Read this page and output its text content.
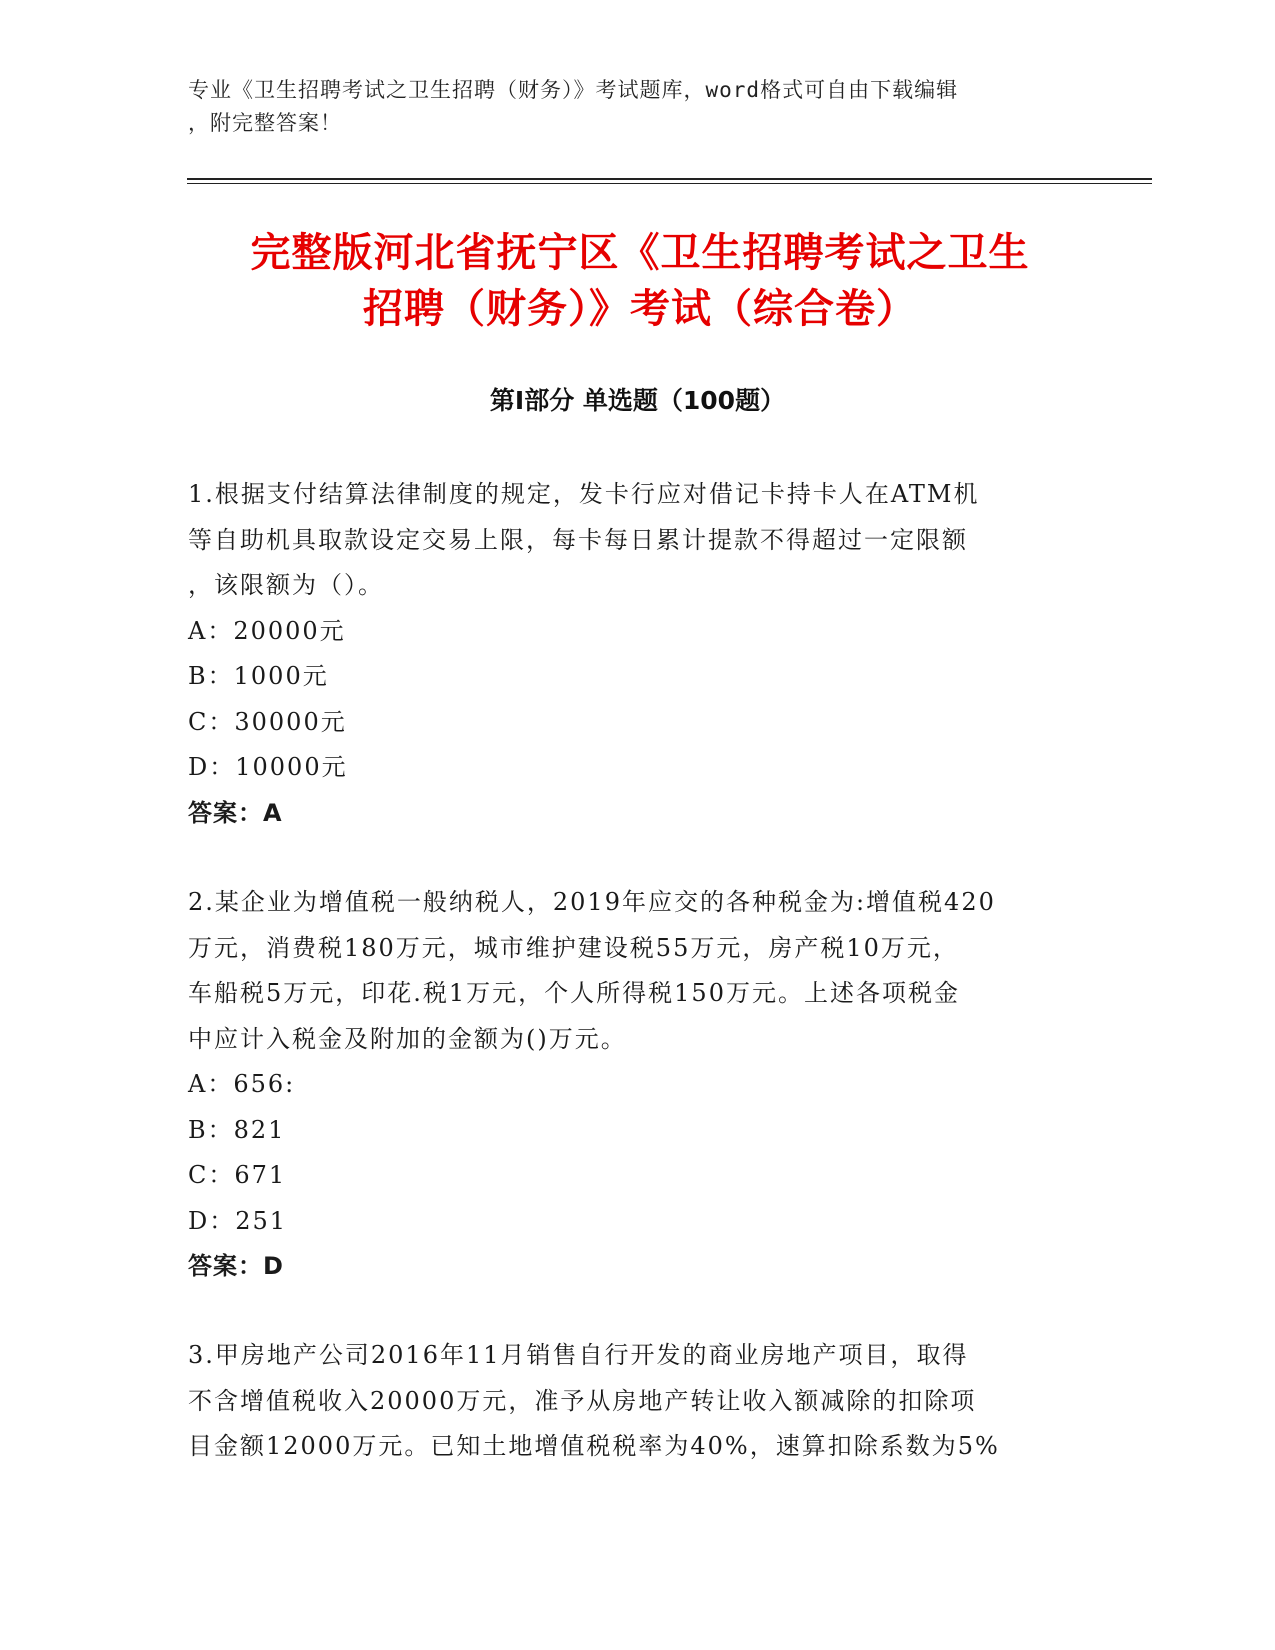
专业《卫生招聘考试之卫生招聘（财务）》考试题库，word格式可自由下载编辑
，附完整答案！
完整版河北省抚宁区《卫生招聘考试之卫生
招聘（财务）》考试（综合卷）
第Ⅰ部分 单选题（100题）
1.根据支付结算法律制度的规定，发卡行应对借记卡持卡人在ATM机
等自助机具取款设定交易上限，每卡每日累计提款不得超过一定限额
，该限额为（）。
A：20000元
B：1000元
C：30000元
D：10000元
答案：A
2.某企业为增值税一般纳税人，2019年应交的各种税金为:增值税420
万元，消费税180万元，城市维护建设税55万元，房产税10万元，
车船税5万元，印花.税1万元，个人所得税150万元。上述各项税金
中应计入税金及附加的金额为()万元。
A：656:
B：821
C：671
D：251
答案：D
3.甲房地产公司2016年11月销售自行开发的商业房地产项目，取得
不含增值税收入20000万元，准予从房地产转让收入额减除的扣除项
目金额12000万元。已知土地增值税税率为40%，速算扣除系数为5%
